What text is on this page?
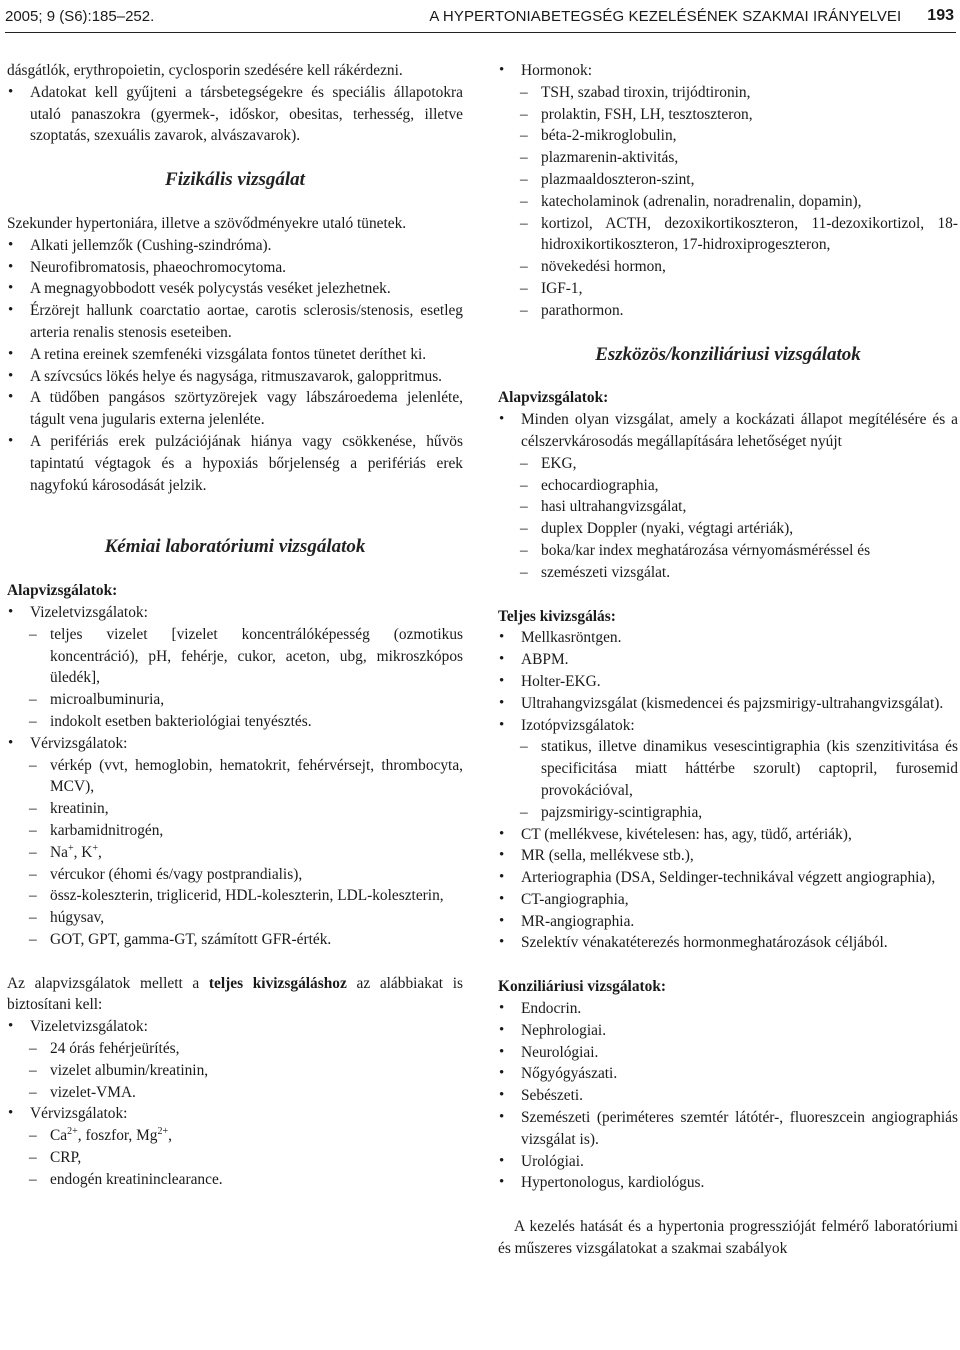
2005; 9 (S6):185–252.	A HYPERTONIABETEGSÉG KEZELÉSÉNEK SZAKMAI IRÁNYELVEI	193

dásgátlók, erythropoietin, cyclosporin szedésére kell rákérdezni.

• Adatokat kell gyűjteni a társbetegségekre és speciális állapotokra utaló panaszokra (gyermek-, időskor, obesitas, terhesség, illetve szoptatás, szexuális zavarok, alvászavarok).

Fizikális vizsgálat

Szekunder hypertoniára, illetve a szövődményekre utaló tünetek.

• Alkati jellemzők (Cushing-szindróma).

• Neurofibromatosis, phaeochromocytoma.

• A megnagyobbodott vesék polycystás veséket jelezhetnek.

• Érzörejt hallunk coarctatio aortae, carotis sclerosis/stenosis, esetleg arteria renalis stenosis eseteiben.

• A retina ereinek szemfenéki vizsgálata fontos tünetet deríthet ki.

• A szívcsúcs lökés helye és nagysága, ritmuszavarok, galoppritmus.

• A tüdőben pangásos szörtyzörejek vagy lábszároedema jelenléte, tágult vena jugularis externa jelenléte.

• A perifériás erek pulzációjának hiánya vagy csökkenése, hűvös tapintatú végtagok és a hypoxiás bőrjelenség a perifériás erek nagyfokú károsodását jelzik.

Kémiai laboratóriumi vizsgálatok

Alapvizsgálatok:

• Vizeletvizsgálatok:

– teljes vizelet [vizelet koncentrálóképesség (ozmotikus koncentráció), pH, fehérje, cukor, aceton, ubg, mikroszkópos üledék],

– microalbuminuria,

– indokolt esetben bakteriológiai tenyésztés.

• Vérvizsgálatok:

– vérkép (vvt, hemoglobin, hematokrit, fehérvérsejt, thrombocyta, MCV),

– kreatinin,

– karbamidnitrogén,

– Na+, K+,

– vércukor (éhomi és/vagy postprandialis),

– össz-koleszterin, triglicerid, HDL-koleszterin, LDL-koleszterin,

– húgysav,

– GOT, GPT, gamma-GT, számított GFR-érték.

Az alapvizsgálatok mellett a teljes kivizsgáláshoz az alábbiakat is biztosítani kell:

• Vizeletvizsgálatok:

– 24 órás fehérjeürítés,

– vizelet albumin/kreatinin,

– vizelet-VMA.

• Vérvizsgálatok:

– $Ca^{2+}$, foszfor, $Mg^{2+}$,

– CRP,

– endogén kreatininclearance.

• Hormonok:

– TSH, szabad tiroxin, trijódtironin,

– prolaktin, FSH, LH, tesztoszteron,

– béta-2-mikroglobulin,

– plazmarenin-aktivitás,

– plazmaaldoszteron-szint,

– katecholaminok (adrenalin, noradrenalin, dopamin),

– kortizol, ACTH, dezoxikortikoszteron, 11-dezoxikortizol, 18-hidroxikortikoszteron, 17-hidroxiprogeszteron,

– növekedési hormon,

– IGF-1,

– parathormon.

Eszközös/konziliáriusi vizsgálatok

Alapvizsgálatok:

• Minden olyan vizsgálat, amely a kockázati állapot megítélésére és a célszervkárosodás megállapítására lehetőséget nyújt

– EKG,

– echocardiographia,

– hasi ultrahangvizsgálat,

– duplex Doppler (nyaki, végtagi artériák),

– boka/kar index meghatározása vérnyomásméréssel és

– szemészeti vizsgálat.

Teljes kivizsgálás:

• Mellkasröntgen.

• ABPM.

• Holter-EKG.

• Ultrahangvizsgálat (kismedencei és pajzsmirigy-ultrahangvizsgálat).

• Izotópvizsgálatok:

– statikus, illetve dinamikus vesescintigraphia (kis szenzitivitása és specificitása miatt háttérbe szorult) captopril, furosemid provokációval,

– pajzsmirigy-scintigraphia,

• CT (mellékvese, kivételesen: has, agy, tüdő, artériák),

• MR (sella, mellékvese stb.),

• Arteriographia (DSA, Seldinger-technikával végzett angiographia),

• CT-angiographia,

• MR-angiographia.

• Szelektív vénakatéterezés hormonmeghatározások céljából.

Konziliáriusi vizsgálatok:

• Endocrin.

• Nephrologiai.

• Neurológiai.

• Nőgyógyászati.

• Sebészeti.

• Szemészeti (periméteres szemtér látótér-, fluoreszcein angiographiás vizsgálat is).

• Urológiai.

• Hypertonologus, kardiológus.

A kezelés hatását és a hypertonia progresszióját felmérő laboratóriumi és műszeres vizsgálatokat a szakmai szabályok
